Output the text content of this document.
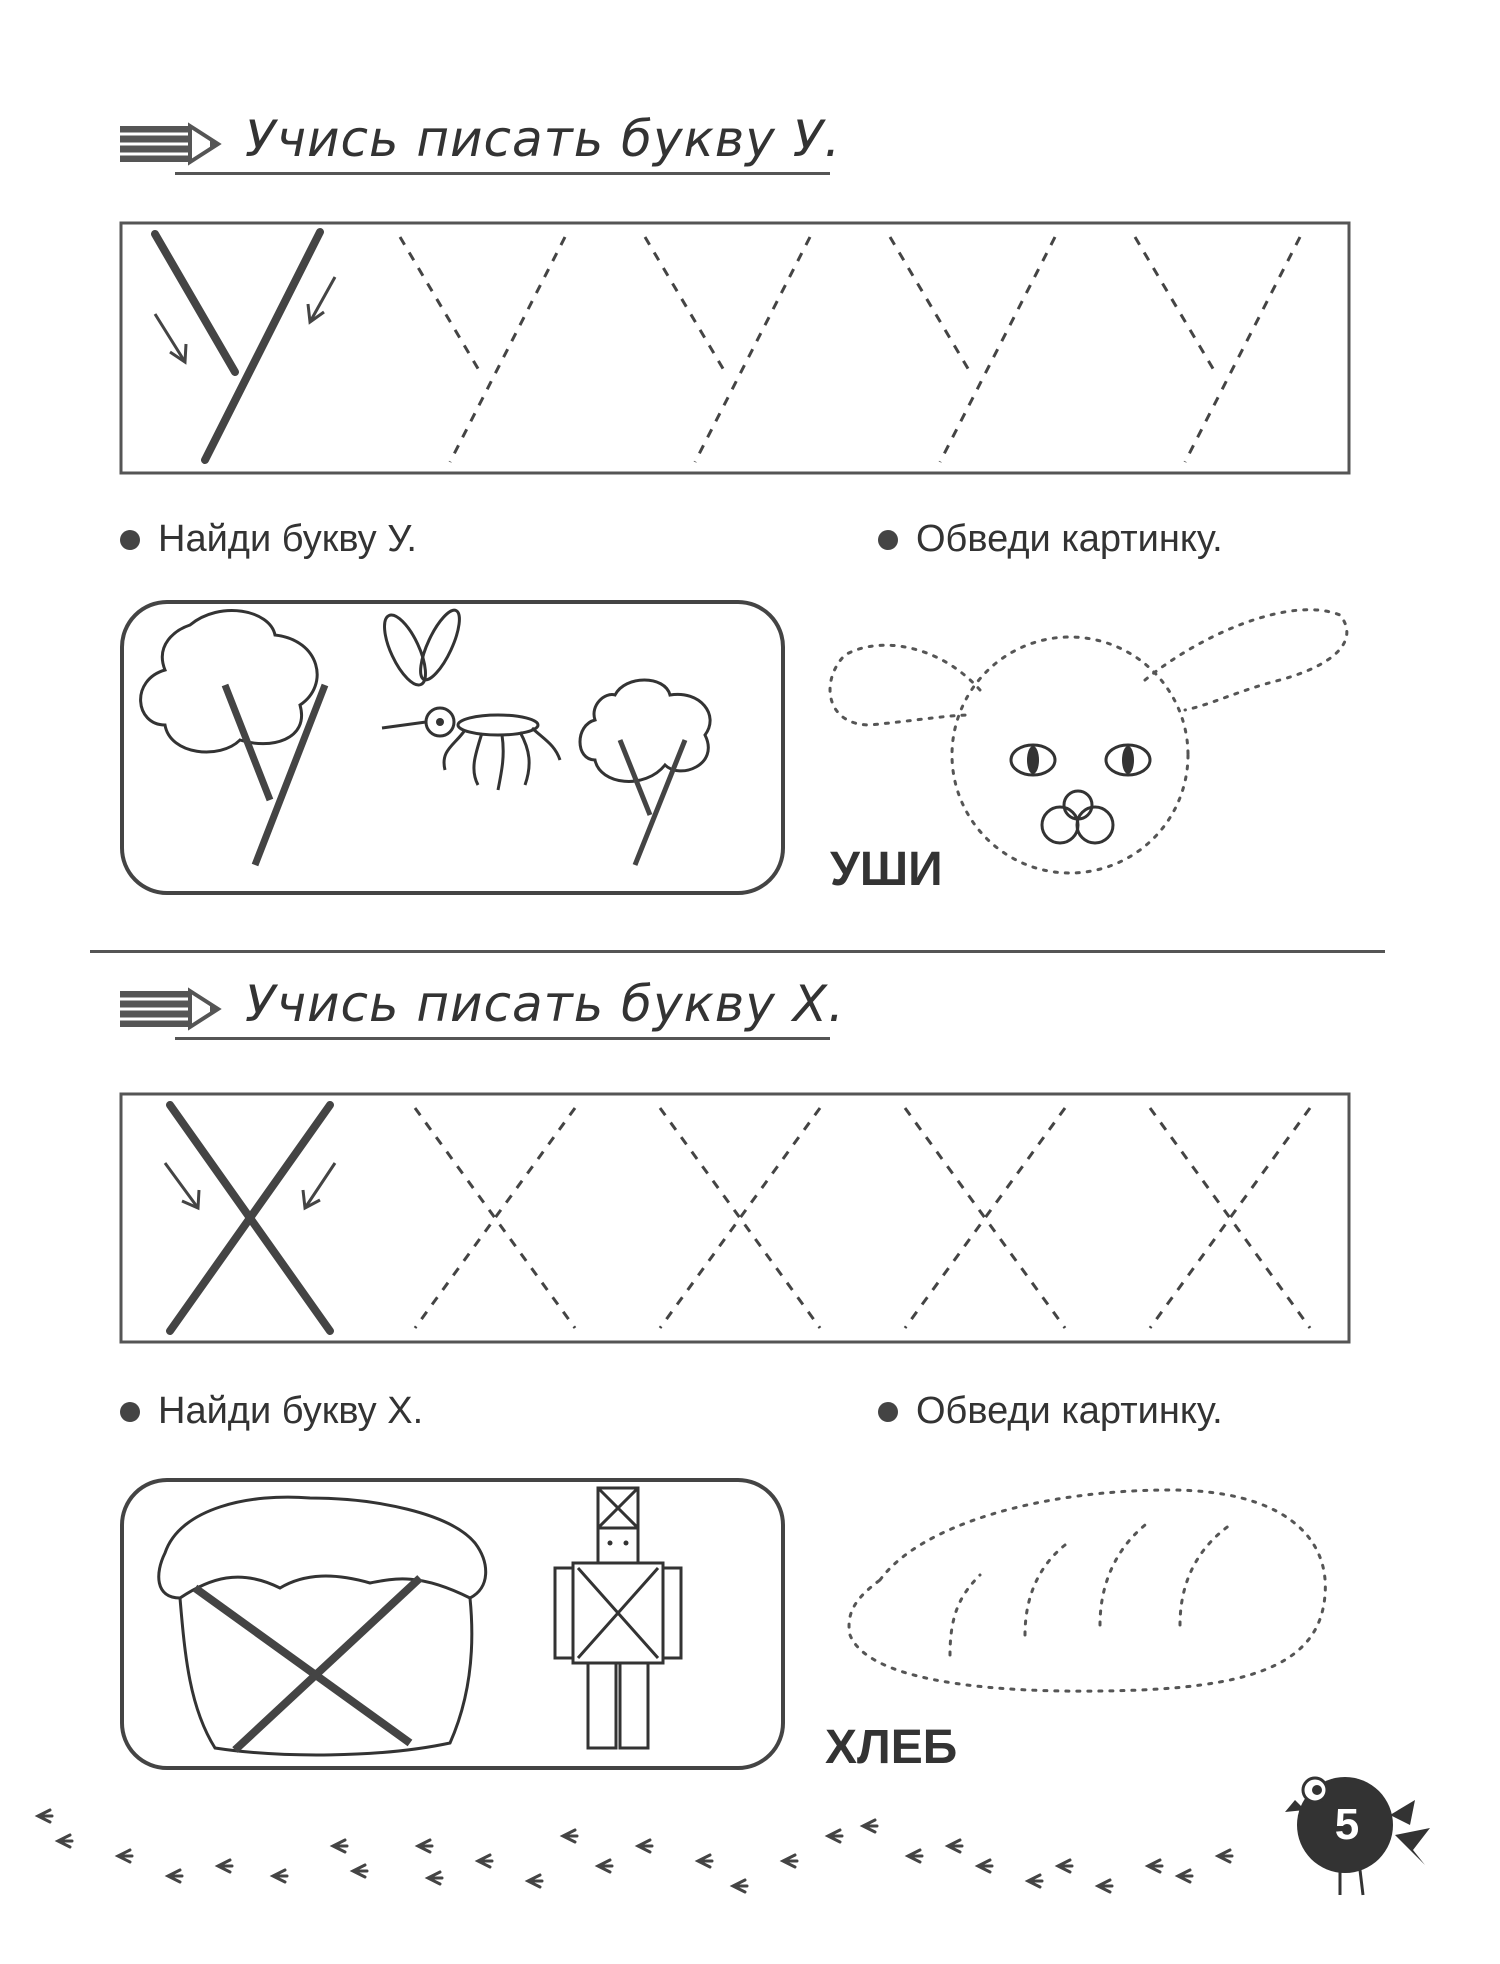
Учись писать букву У.
Найди букву У.	Обведи картинку.
УШИ
Учись писать букву Х.
Найди букву Х.	Обведи картинку.
ХЛЕБ
5
